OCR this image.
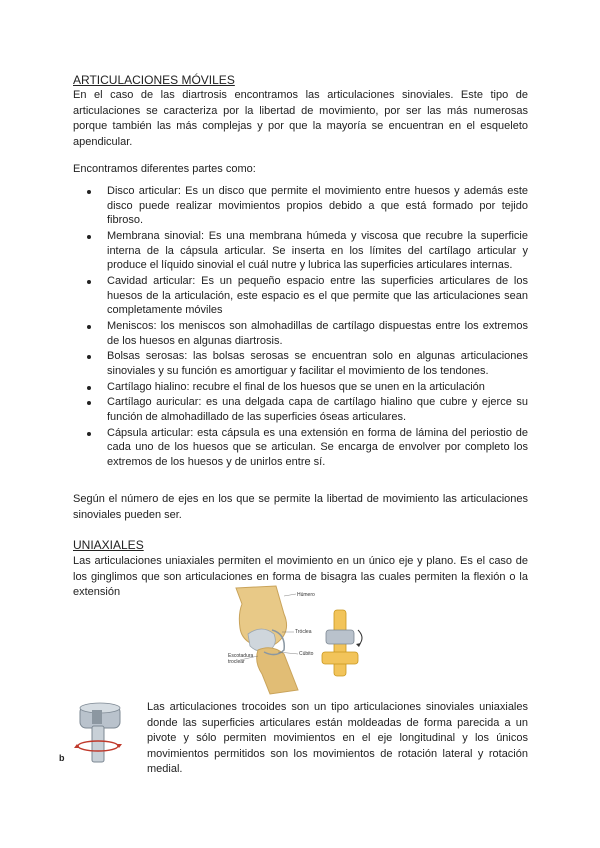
ARTICULACIONES MÓVILES
En el caso de las diartrosis encontramos las articulaciones sinoviales. Este tipo de articulaciones se caracteriza por la libertad de movimiento, por ser las más numerosas porque también las más complejas y por que la mayoría se encuentran en el esqueleto apendicular.
Encontramos diferentes partes como:
Disco articular: Es un disco que permite el movimiento entre huesos y además este disco puede realizar movimientos propios debido a que está formado por tejido fibroso.
Membrana sinovial: Es una membrana húmeda y viscosa que recubre la superficie interna de la cápsula articular. Se inserta en los límites del cartílago articular y produce el líquido sinovial el cuál nutre y lubrica las superficies articulares internas.
Cavidad articular: Es un pequeño espacio entre las superficies articulares de los huesos de la articulación, este espacio es el que permite que las articulaciones sean completamente móviles
Meniscos: los meniscos son almohadillas de cartílago dispuestas entre los extremos de los huesos en algunas diartrosis.
Bolsas serosas: las bolsas serosas se encuentran solo en algunas articulaciones sinoviales y su función es amortiguar y facilitar el movimiento de los tendones.
Cartílago hialino: recubre el final de los huesos que se unen en la articulación
Cartílago auricular: es una delgada capa de cartílago hialino que cubre y ejerce su función de almohadillado de las superficies óseas articulares.
Cápsula articular: esta cápsula es una extensión en forma de lámina del periostio de cada uno de los huesos que se articulan. Se encarga de envolver por completo los extremos de los huesos y de unirlos entre sí.
Según el número de ejes en los que se permite la libertad de movimiento las articulaciones sinoviales pueden ser.
UNIAXIALES
Las articulaciones uniaxiales permiten el movimiento en un único eje y plano. Es el caso de los ginglimos que son articulaciones en forma de bisagra las cuales permiten la flexión o la extensión	Húmero
Tróclea
Cúbito
Escotadura
troclear
b
Las articulaciones trocoides son un tipo articulaciones sinoviales uniaxiales donde las superficies articulares están moldeadas de forma parecida a un pivote y sólo permiten movimientos en el eje longitudinal y los únicos movimientos permitidos son los movimientos de rotación lateral y rotación medial.
